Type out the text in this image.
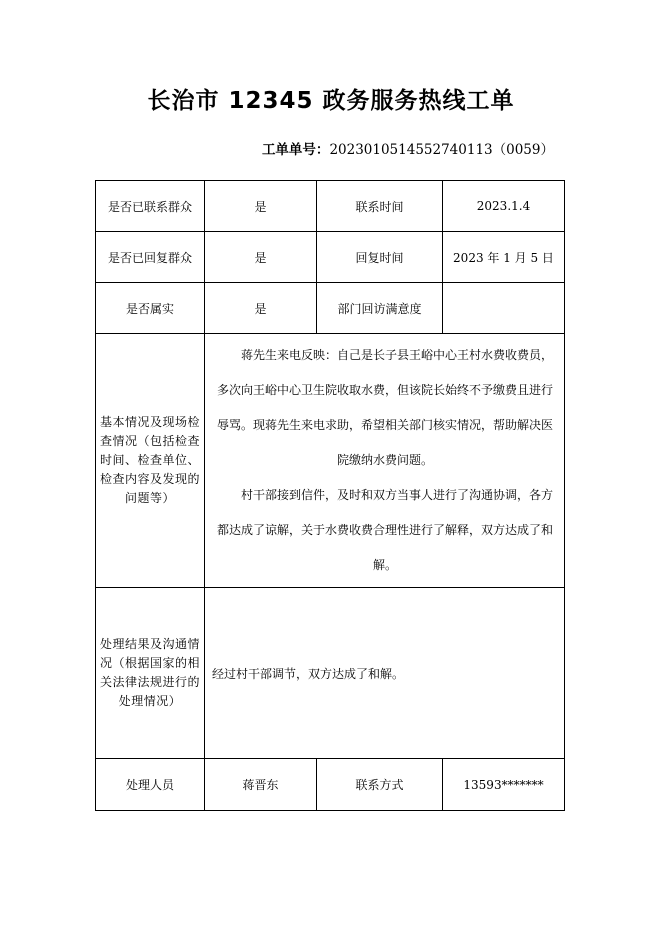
长治市 12345 政务服务热线工单
工单单号：2023010514552740113（0059）
是否已联系群众	是	联系时间	2023.1.4
是否已回复群众	是	回复时间	2023 年 1 月 5 日
是否属实	是	部门回访满意度	
基本情况及现场检查情况（包括检查时间、检查单位、检查内容及发现的问题等）	蒋先生来电反映：自己是长子县王峪中心王村水费收费员，多次向王峪中心卫生院收取水费，但该院长始终不予缴费且进行辱骂。现蒋先生来电求助，希望相关部门核实情况，帮助解决医院缴纳水费问题。

村干部接到信件，及时和双方当事人进行了沟通协调，各方都达成了谅解，关于水费收费合理性进行了解释，双方达成了和解。		

处理结果及沟通情况（根据国家的相关法律法规进行的处理情况）	经过村干部调节，双方达成了和解。		
处理人员	蒋晋东	联系方式	13593*******
